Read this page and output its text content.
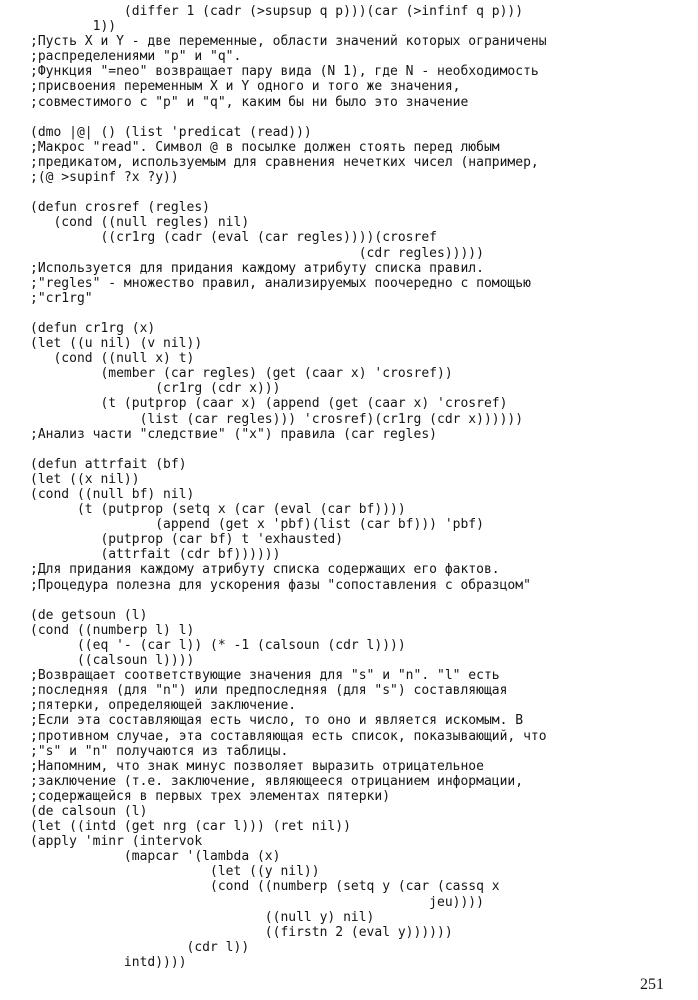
(differ 1 (cadr (>supsup q p)))(car (>infinf q p)))
1))
;Пусть X и Y - две переменные, области значений которых ограничены
;распределениями "p" и "q".
;Функция "=neo" возвращает пару вида (N 1), где N - необходимость
;присвоения переменным X и Y одного и того же значения,
;совместимого с "p" и "q", каким бы ни было это значение
(dmo |@| () (list 'predicat (read)))
;Макрос "read". Символ @ в посылке должен стоять перед любым
;предикатом, используемым для сравнения нечетких чисел (например,
;(@ >supinf ?x ?y))
(defun crosref (regles)
(cond ((null regles) nil)
((cr1rg (cadr (eval (car regles))))(crosref
(cdr regles)))))
;Используется для придания каждому атрибуту списка правил.
;"regles" - множество правил, анализируемых поочередно с помощью
;"cr1rg"
(defun cr1rg (x)
(let ((u nil) (v nil))
(cond ((null x) t)
(member (car regles) (get (caar x) 'crosref))
(cr1rg (cdr x)))
(t (putprop (caar x) (append (get (caar x) 'crosref)
(list (car regles))) 'crosref)(cr1rg (cdr x))))))
;Анализ части "следствие" ("x") правила (car regles)
(defun attrfait (bf)
(let ((x nil))
(cond ((null bf) nil)
(t (putprop (setq x (car (eval (car bf))))
(append (get x 'pbf)(list (car bf))) 'pbf)
(putprop (car bf) t 'exhausted)
(attrfait (cdr bf))))))
;Для придания каждому атрибуту списка содержащих его фактов.
;Процедура полезна для ускорения фазы "сопоставления с образцом"
(de getsoun (l)
(cond ((numberp l) l)
((eq '- (car l)) (* -1 (calsoun (cdr l))))
((calsoun l))))
;Возвращает соответствующие значения для "s" и "n". "l" есть
;последняя (для "n") или предпоследняя (для "s") составляющая
;пятерки, определяющей заключение.
;Если эта составляющая есть число, то оно и является искомым. В
;противном случае, эта составляющая есть список, показывающий, что
;"s" и "n" получаются из таблицы.
;Напомним, что знак минус позволяет выразить отрицательное
;заключение (т.е. заключение, являющееся отрицанием информации,
;содержащейся в первых трех элементах пятерки)
(de calsoun (l)
(let ((intd (get nrg (car l))) (ret nil))
(apply 'minr (intervok
(mapcar '(lambda (x)
(let ((y nil))
(cond ((numberp (setq y (car (cassq x
jeu))))
((null y) nil)
((firstn 2 (eval y))))))
(cdr l))
intd))))
251
